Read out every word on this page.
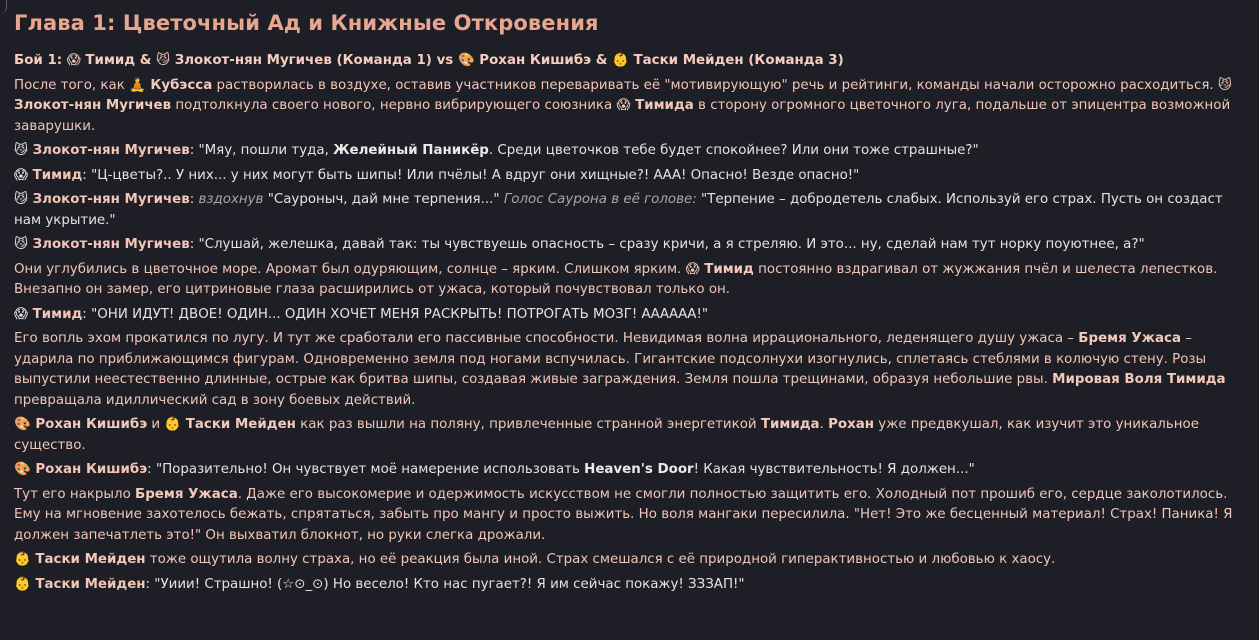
Глава 1: Цветочный Ад и Книжные Откровения

Бой 1: 😱 Тимид & 😼 Злокот-нян Мугичев (Команда 1) vs 🎨 Рохан Кишибэ & 👶 Таски Мейден (Команда 3)

После того, как 🧘 Кубэсса растворилась в воздухе, оставив участников переваривать её "мотивирующую" речь и рейтинги, команды начали осторожно расходиться. 😼 Злокот-нян Мугичев подтолкнула своего нового, нервно вибрирующего союзника 😱 Тимида в сторону огромного цветочного луга, подальше от эпицентра возможной заварушки.

😼 Злокот-нян Мугичев: "Мяу, пошли туда, Желейный Паникёр. Среди цветочков тебе будет спокойнее? Или они тоже страшные?"

😱 Тимид: "Ц-цветы?.. У них... у них могут быть шипы! Или пчёлы! А вдруг они хищные?! ААА! Опасно! Везде опасно!"

😼 Злокот-нян Мугичев: вздохнув "Сауроныч, дай мне терпения..." Голос Саурона в её голове: "Терпение – добродетель слабых. Используй его страх. Пусть он создаст нам укрытие."

😼 Злокот-нян Мугичев: "Слушай, желешка, давай так: ты чувствуешь опасность – сразу кричи, а я стреляю. И это... ну, сделай нам тут норку поуютнее, а?"

Они углубились в цветочное море. Аромат был одуряющим, солнце – ярким. Слишком ярким. 😱 Тимид постоянно вздрагивал от жужжания пчёл и шелеста лепестков. Внезапно он замер, его цитриновые глаза расширились от ужаса, который почувствовал только он.

😱 Тимид: "ОНИ ИДУТ! ДВОЕ! ОДИН... ОДИН ХОЧЕТ МЕНЯ РАСКРЫТЬ! ПОТРОГАТЬ МОЗГ! АААААА!"

Его вопль эхом прокатился по лугу. И тут же сработали его пассивные способности. Невидимая волна иррационального, леденящего душу ужаса – Бремя Ужаса – ударила по приближающимся фигурам. Одновременно земля под ногами вспучилась. Гигантские подсолнухи изогнулись, сплетаясь стеблями в колючую стену. Розы выпустили неестественно длинные, острые как бритва шипы, создавая живые заграждения. Земля пошла трещинами, образуя небольшие рвы. Мировая Воля Тимида превращала идиллический сад в зону боевых действий.

🎨 Рохан Кишибэ и 👶 Таски Мейден как раз вышли на поляну, привлеченные странной энергетикой Тимида. Рохан уже предвкушал, как изучит это уникальное существо.

🎨 Рохан Кишибэ: "Поразительно! Он чувствует моё намерение использовать Heaven's Door! Какая чувствительность! Я должен..."

Тут его накрыло Бремя Ужаса. Даже его высокомерие и одержимость искусством не смогли полностью защитить его. Холодный пот прошиб его, сердце заколотилось. Ему на мгновение захотелось бежать, спрятаться, забыть про мангу и просто выжить. Но воля мангаки пересилила. "Нет! Это же бесценный материал! Страх! Паника! Я должен запечатлеть это!" Он выхватил блокнот, но руки слегка дрожали.

👶 Таски Мейден тоже ощутила волну страха, но её реакция была иной. Страх смешался с её природной гиперактивностью и любовью к хаосу.

👶 Таски Мейден: "Уиии! Страшно! (☆⊙_⊙) Но весело! Кто нас пугает?! Я им сейчас покажу! ЗЗЗАП!"
